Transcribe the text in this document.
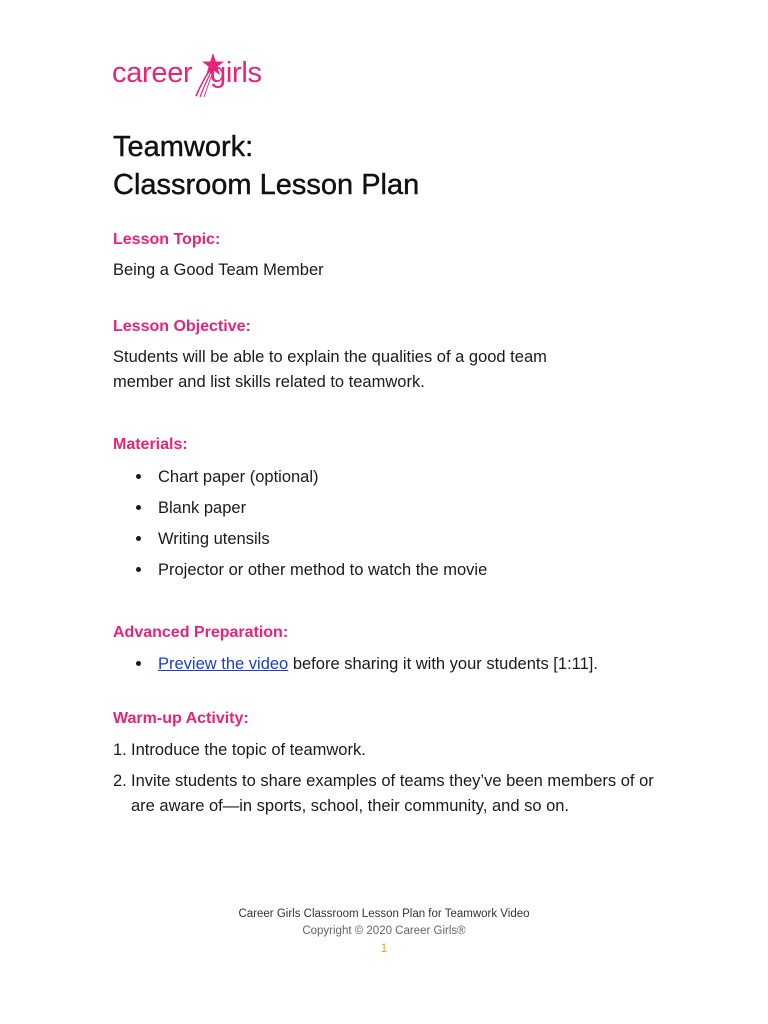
career girls
Teamwork:
Classroom Lesson Plan
Lesson Topic:

Being a Good Team Member

Lesson Objective:

Students will be able to explain the qualities of a good team
member and list skills related to teamwork.

Materials:
Chart paper (optional)
Blank paper
Writing utensils
Projector or other method to watch the movie
Advanced Preparation:
Preview the video before sharing it with your students [1:11].
Warm-up Activity:
1. Introduce the topic of teamwork.
2. Invite students to share examples of teams they’ve been members of or are aware of—in sports, school, their community, and so on.
Career Girls Classroom Lesson Plan for Teamwork Video
Copyright © 2020 Career Girls®
1
